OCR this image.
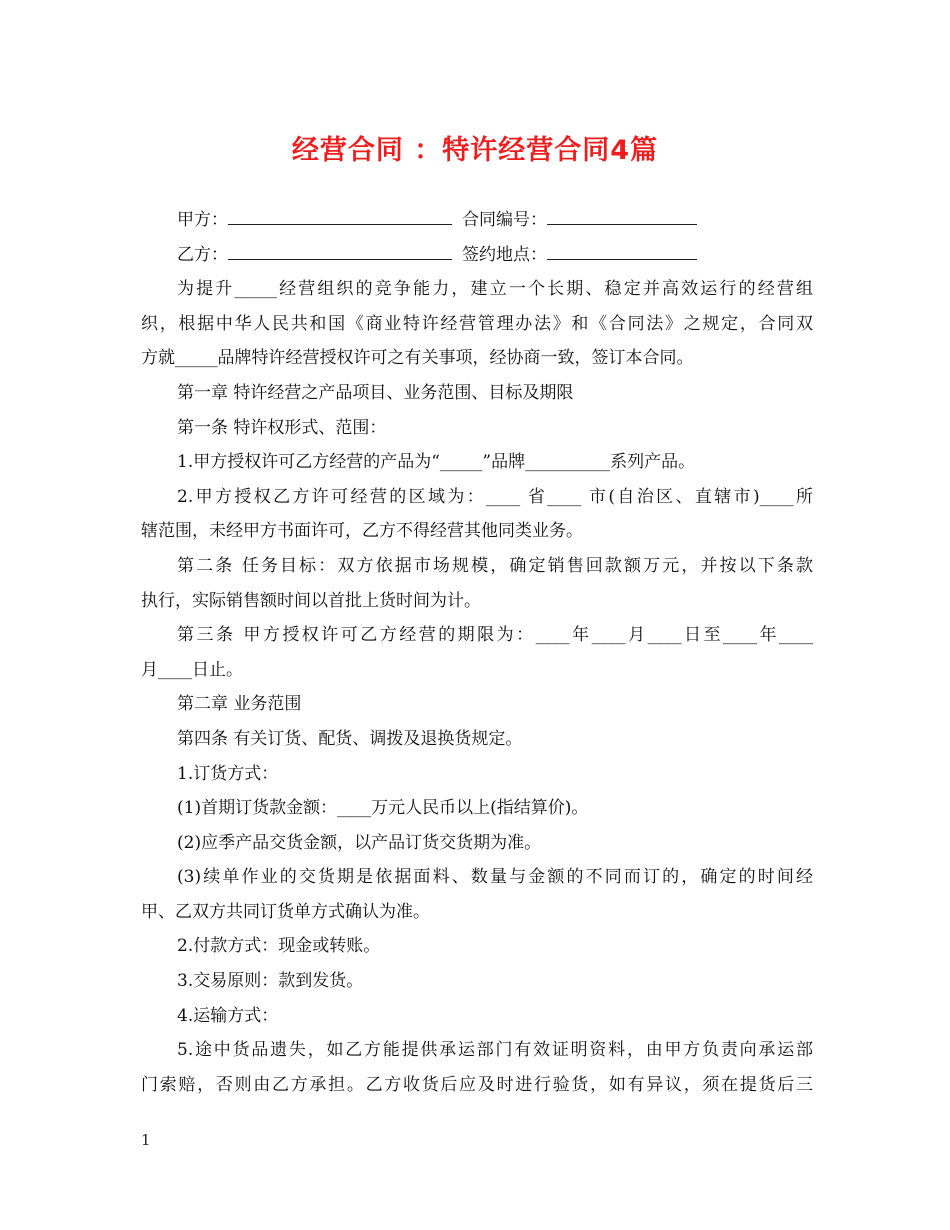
经营合同 ：特许经营合同4篇
甲方：	合同编号：
乙方：	签约地点：
为提升_____经营组织的竞争能力，建立一个长期、稳定并高效运行的经营组
织，根据中华人民共和国《商业特许经营管理办法》和《合同法》之规定，合同双
方就_____品牌特许经营授权许可之有关事项，经协商一致，签订本合同。
第一章 特许经营之产品项目、业务范围、目标及期限
第一条 特许权形式、范围：
1.甲方授权许可乙方经营的产品为“_____”品牌__________系列产品。
2.甲方授权乙方许可经营的区域为：____ 省____ 市(自治区、直辖市)____所
辖范围，未经甲方书面许可，乙方不得经营其他同类业务。
第二条 任务目标：双方依据市场规模，确定销售回款额万元，并按以下条款
执行，实际销售额时间以首批上货时间为计。
第三条 甲方授权许可乙方经营的期限为：____年____月____日至____年____
月____日止。
第二章 业务范围
第四条 有关订货、配货、调拨及退换货规定。
1.订货方式：
(1)首期订货款金额：____万元人民币以上(指结算价)。
(2)应季产品交货金额，以产品订货交货期为准。
(3)续单作业的交货期是依据面料、数量与金额的不同而订的，确定的时间经
甲、乙双方共同订货单方式确认为准。
2.付款方式：现金或转账。
3.交易原则：款到发货。
4.运输方式：
5.途中货品遗失，如乙方能提供承运部门有效证明资料，由甲方负责向承运部
门索赔，否则由乙方承担。乙方收货后应及时进行验货，如有异议，须在提货后三
1
